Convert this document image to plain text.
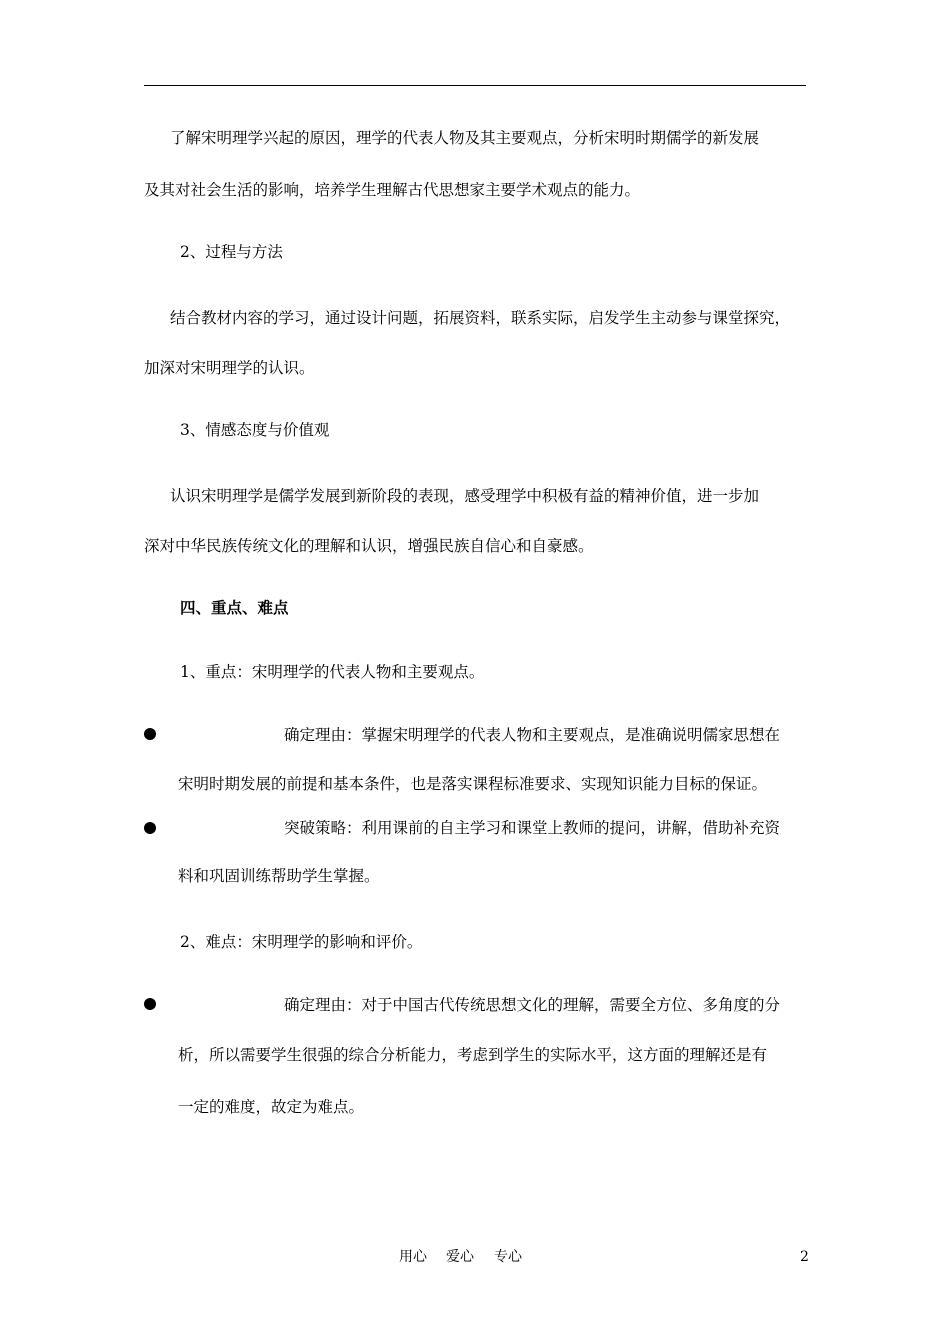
了解宋明理学兴起的原因，理学的代表人物及其主要观点，分析宋明时期儒学的新发展
及其对社会生活的影响，培养学生理解古代思想家主要学术观点的能力。
2、过程与方法
结合教材内容的学习，通过设计问题，拓展资料，联系实际，启发学生主动参与课堂探究，
加深对宋明理学的认识。
3、情感态度与价值观
认识宋明理学是儒学发展到新阶段的表现，感受理学中积极有益的精神价值，进一步加
深对中华民族传统文化的理解和认识，增强民族自信心和自豪感。
四、重点、难点
1、重点：宋明理学的代表人物和主要观点。
确定理由：掌握宋明理学的代表人物和主要观点，是准确说明儒家思想在
宋明时期发展的前提和基本条件，也是落实课程标准要求、实现知识能力目标的保证。
突破策略：利用课前的自主学习和课堂上教师的提问，讲解，借助补充资
料和巩固训练帮助学生掌握。
2、难点：宋明理学的影响和评价。
确定理由：对于中国古代传统思想文化的理解，需要全方位、多角度的分
析，所以需要学生很强的综合分析能力，考虑到学生的实际水平，这方面的理解还是有
一定的难度，故定为难点。
用心 爱心 专心	2
